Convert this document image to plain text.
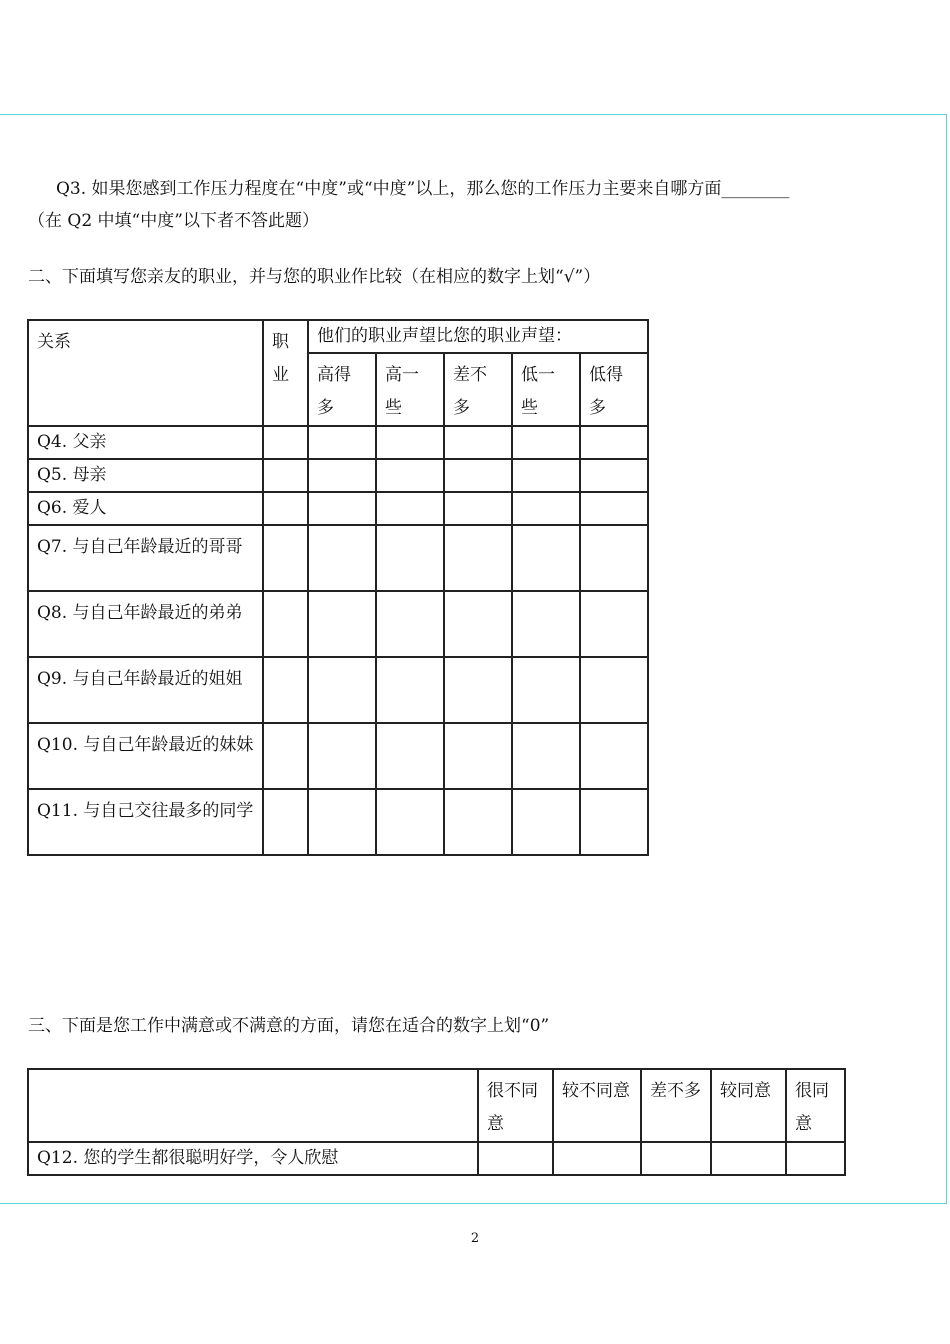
Q3. 如果您感到工作压力程度在“中度”或“中度”以上，那么您的工作压力主要来自哪方面________
（在 Q2 中填“中度”以下者不答此题）
二、下面填写您亲友的职业，并与您的职业作比较（在相应的数字上划“√”）
关系	职业	他们的职业声望比您的职业声望：				
		高得多	高一些	差不多	低一些	低得多
Q4. 父亲						
Q5. 母亲						
Q6. 爱人						
Q7. 与自己年龄最近的哥哥						
Q8. 与自己年龄最近的弟弟						
Q9. 与自己年龄最近的姐姐						
Q10. 与自己年龄最近的妹妹						
Q11. 与自己交往最多的同学						
三、下面是您工作中满意或不满意的方面，请您在适合的数字上划“0”
	很不同意	较不同意	差不多	较同意	很同意
Q12. 您的学生都很聪明好学，令人欣慰					
2
